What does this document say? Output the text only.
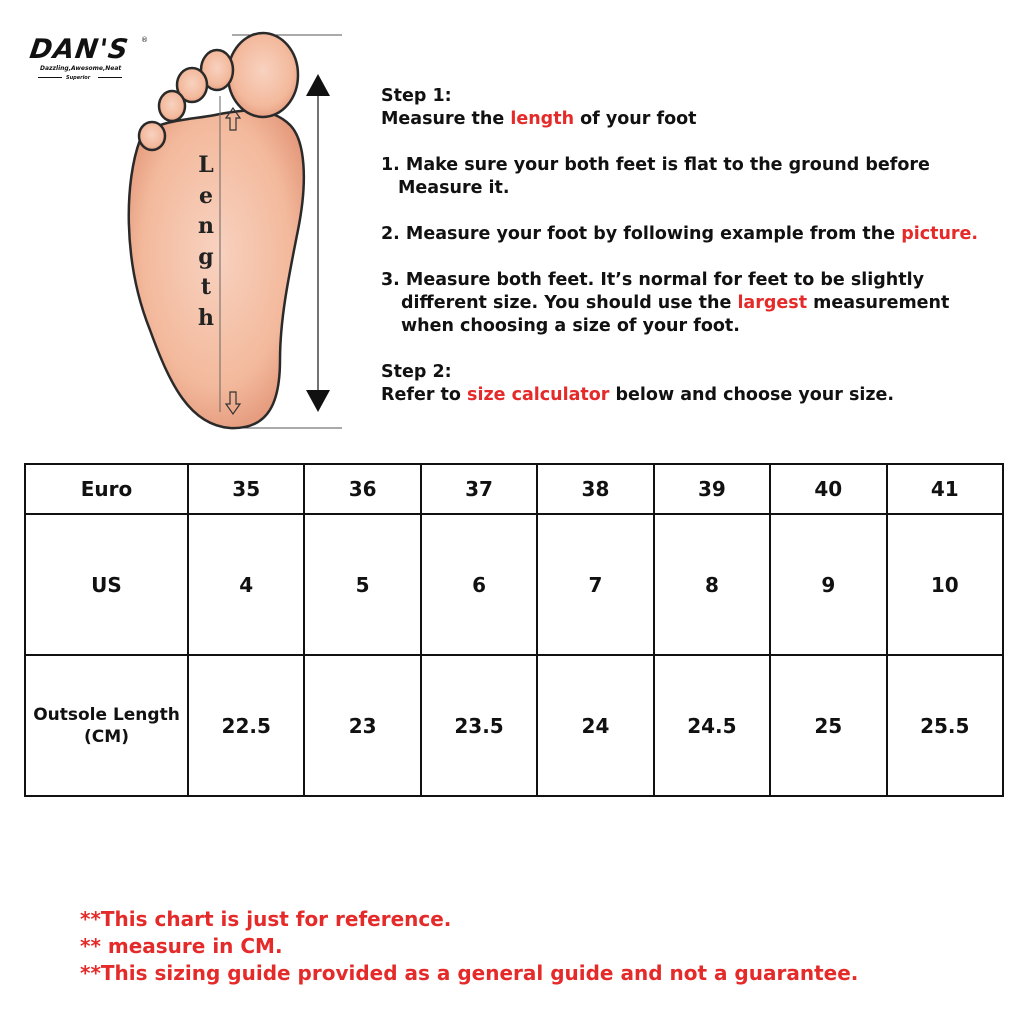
DAN'S ®
Dazzling,Awesome,Neat
Superior
L
e
n
g
t
h

Step 1:

Measure the length of your foot

1. Make sure your both feet is flat to the ground before

Measure it.

2. Measure your foot by following example from the picture.

3. Measure both feet. It’s normal for feet to be slightly

different size. You should use the largest measurement

when choosing a size of your foot.

Step 2:

Refer to size calculator below and choose your size.

Euro	35	36	37	38	39	40	41
US	4	5	6	7	8	9	10

Outsole Length
(CM)	22.5	23	23.5	24	24.5	25	25.5

**This chart is just for reference.

** measure in CM.

**This sizing guide provided as a general guide and not a guarantee.
